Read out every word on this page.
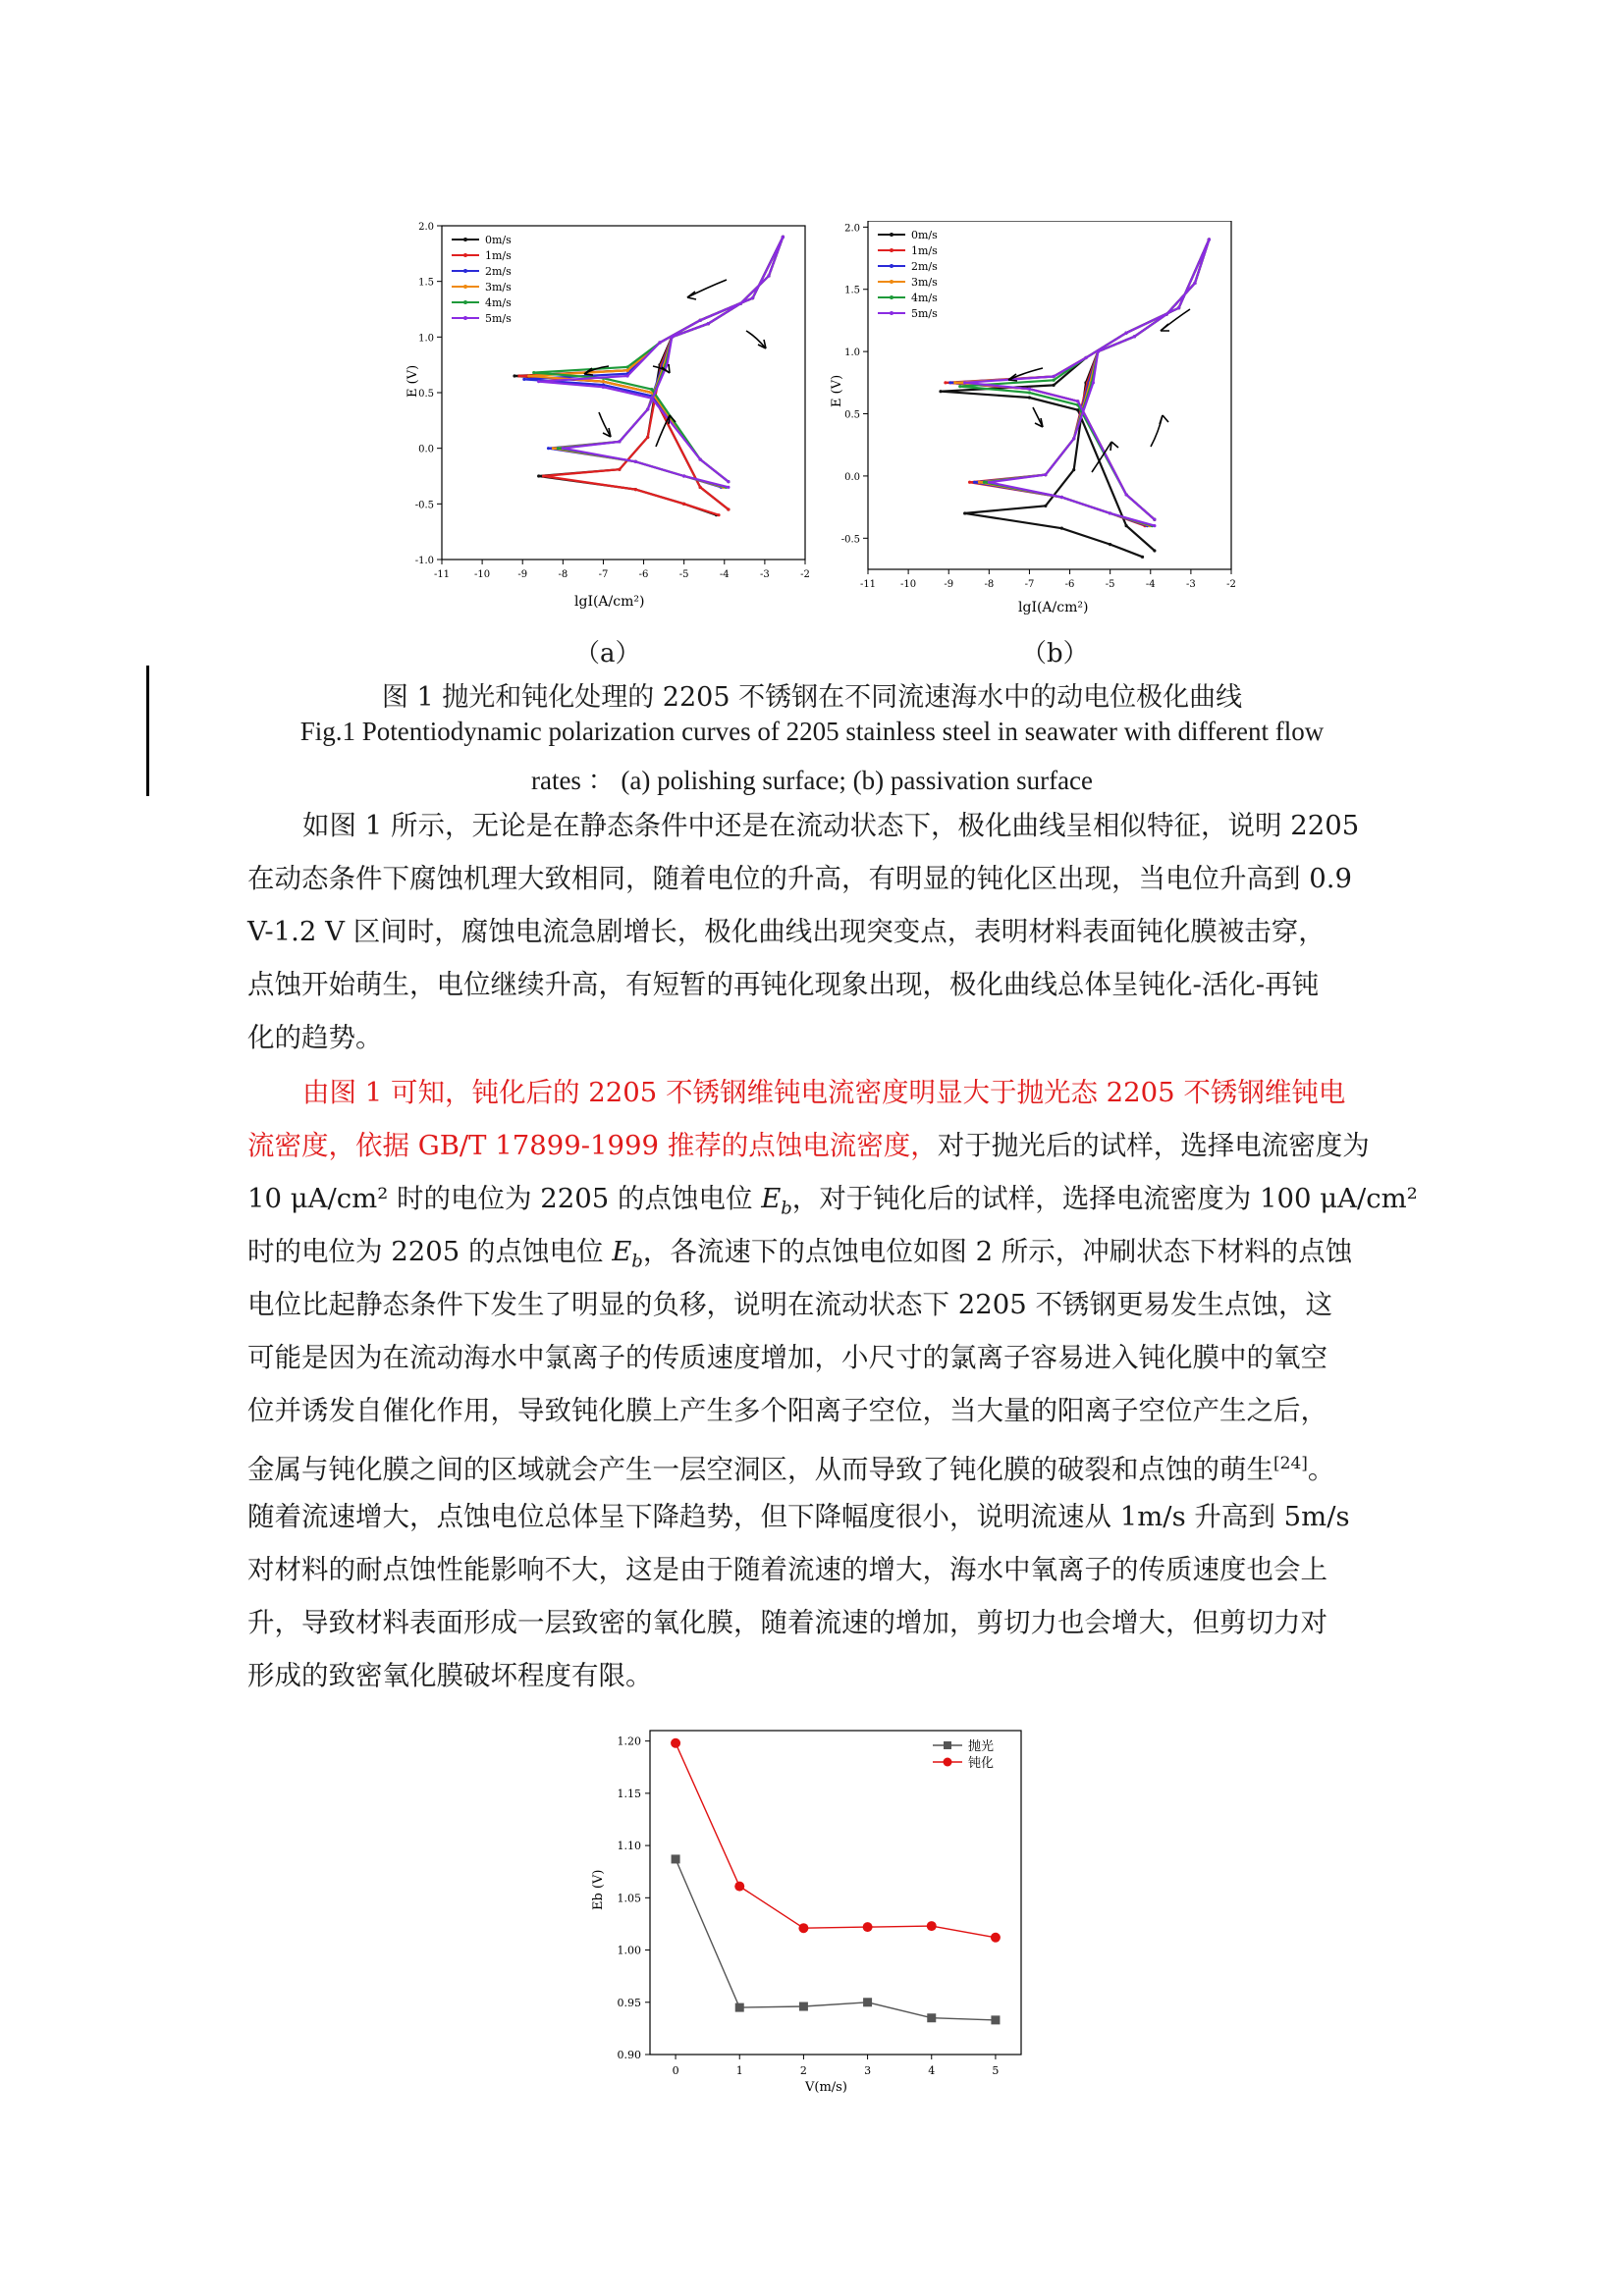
-11	-10	-9	-8	-7	-6	-5	-4	-3	-2
-1.0
-0.5
0.0
0.5
1.0
1.5
2.0
0m/s
1m/s
2m/s
3m/s
4m/s
5m/s
E (V)
lgI(A/cm²)
-11	-10	-9	-8	-7	-6	-5	-4	-3	-2
-0.5
0.0
0.5
1.0
1.5
2.0
0m/s
1m/s
2m/s
3m/s
4m/s
5m/s
E (V)
lgI(A/cm²)
（a）	（b）
图 1 抛光和钝化处理的 2205 不锈钢在不同流速海水中的动电位极化曲线
Fig.1 Potentiodynamic polarization curves of 2205 stainless steel in seawater with different flow
rates ： (a) polishing surface; (b) passivation surface
如图 1 所示，无论是在静态条件中还是在流动状态下，极化曲线呈相似特征，说明 2205
在动态条件下腐蚀机理大致相同，随着电位的升高，有明显的钝化区出现，当电位升高到 0.9
V-1.2 V 区间时，腐蚀电流急剧增长，极化曲线出现突变点，表明材料表面钝化膜被击穿，
点蚀开始萌生，电位继续升高，有短暂的再钝化现象出现，极化曲线总体呈钝化-活化-再钝
化的趋势。
由图 1 可知，钝化后的 2205 不锈钢维钝电流密度明显大于抛光态 2205 不锈钢维钝电
流密度，依据 GB/T 17899-1999 推荐的点蚀电流密度，对于抛光后的试样，选择电流密度为
10 μA/cm² 时的电位为 2205 的点蚀电位 $E_b$，对于钝化后的试样，选择电流密度为 100 μA/cm²
时的电位为 2205 的点蚀电位 $E_b$，各流速下的点蚀电位如图 2 所示，冲刷状态下材料的点蚀
电位比起静态条件下发生了明显的负移，说明在流动状态下 2205 不锈钢更易发生点蚀，这
可能是因为在流动海水中氯离子的传质速度增加，小尺寸的氯离子容易进入钝化膜中的氧空
位并诱发自催化作用，导致钝化膜上产生多个阳离子空位，当大量的阳离子空位产生之后，
金属与钝化膜之间的区域就会产生一层空洞区，从而导致了钝化膜的破裂和点蚀的萌生[24]。
随着流速增大，点蚀电位总体呈下降趋势，但下降幅度很小，说明流速从 1m/s 升高到 5m/s
对材料的耐点蚀性能影响不大，这是由于随着流速的增大，海水中氧离子的传质速度也会上
升，导致材料表面形成一层致密的氧化膜，随着流速的增加，剪切力也会增大，但剪切力对
形成的致密氧化膜破坏程度有限。
0	1	2	3	4	5
0.90
0.95
1.00
1.05
1.10
1.15
1.20	抛光
钝化
Eb (V)
V(m/s)
